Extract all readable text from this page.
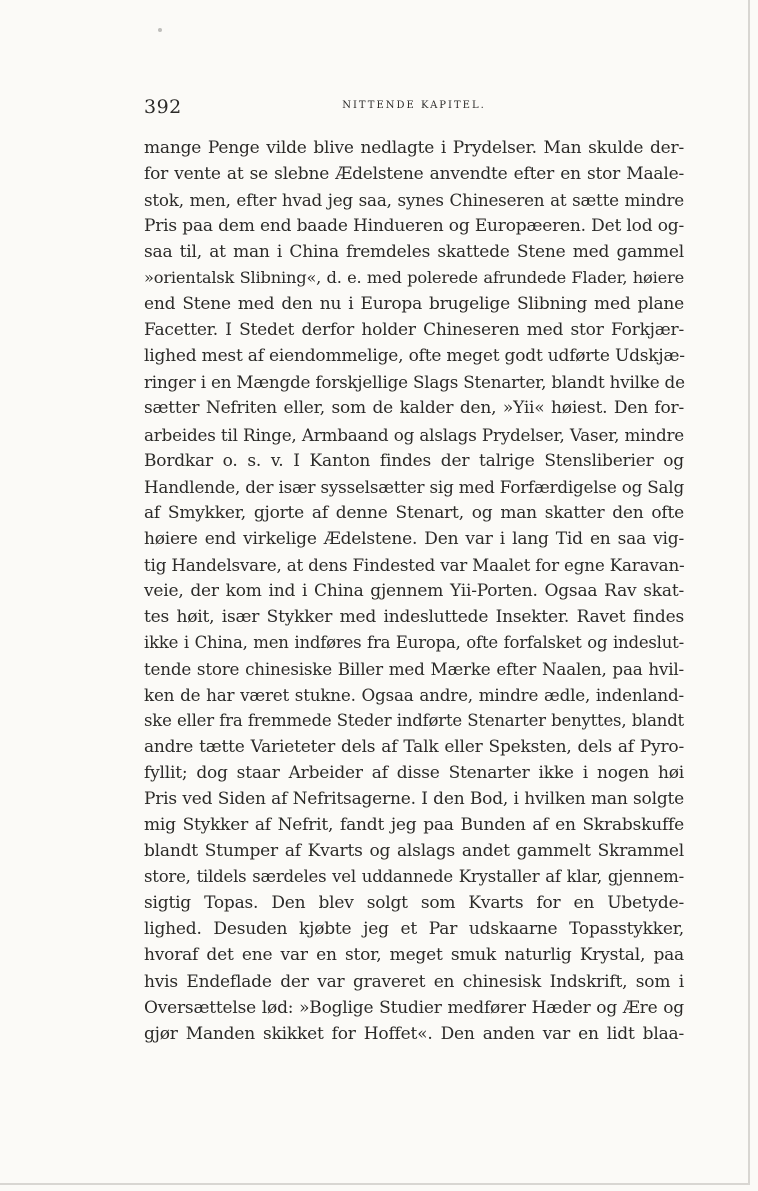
392	NITTENDE KAPITEL.
mange Penge vilde blive nedlagte i Prydelser. Man skulde der-
for vente at se slebne Ædelstene anvendte efter en stor Maale-
stok, men, efter hvad jeg saa, synes Chineseren at sætte mindre
Pris paa dem end baade Hindueren og Europæeren. Det lod og-
saa til, at man i China fremdeles skattede Stene med gammel
»orientalsk Slibning«, d. e. med polerede afrundede Flader, høiere
end Stene med den nu i Europa brugelige Slibning med plane
Facetter. I Stedet derfor holder Chineseren med stor Forkjær-
lighed mest af eiendommelige, ofte meget godt udførte Udskjæ-
ringer i en Mængde forskjellige Slags Stenarter, blandt hvilke de
sætter Nefriten eller, som de kalder den, »Yii« høiest. Den for-
arbeides til Ringe, Armbaand og alslags Prydelser, Vaser, mindre
Bordkar o. s. v. I Kanton findes der talrige Stensliberier og
Handlende, der især sysselsætter sig med Forfærdigelse og Salg
af Smykker, gjorte af denne Stenart, og man skatter den ofte
høiere end virkelige Ædelstene. Den var i lang Tid en saa vig-
tig Handelsvare, at dens Findested var Maalet for egne Karavan-
veie, der kom ind i China gjennem Yii-Porten. Ogsaa Rav skat-
tes høit, især Stykker med indesluttede Insekter. Ravet findes
ikke i China, men indføres fra Europa, ofte forfalsket og indeslut-
tende store chinesiske Biller med Mærke efter Naalen, paa hvil-
ken de har været stukne. Ogsaa andre, mindre ædle, indenland-
ske eller fra fremmede Steder indførte Stenarter benyttes, blandt
andre tætte Varieteter dels af Talk eller Speksten, dels af Pyro-
fyllit; dog staar Arbeider af disse Stenarter ikke i nogen høi
Pris ved Siden af Nefritsagerne. I den Bod, i hvilken man solgte
mig Stykker af Nefrit, fandt jeg paa Bunden af en Skrabskuffe
blandt Stumper af Kvarts og alslags andet gammelt Skrammel
store, tildels særdeles vel uddannede Krystaller af klar, gjennem-
sigtig Topas. Den blev solgt som Kvarts for en Ubetyde-
lighed. Desuden kjøbte jeg et Par udskaarne Topasstykker,
hvoraf det ene var en stor, meget smuk naturlig Krystal, paa
hvis Endeflade der var graveret en chinesisk Indskrift, som i
Oversættelse lød: »Boglige Studier medfører Hæder og Ære og
gjør Manden skikket for Hoffet«. Den anden var en lidt blaa-
